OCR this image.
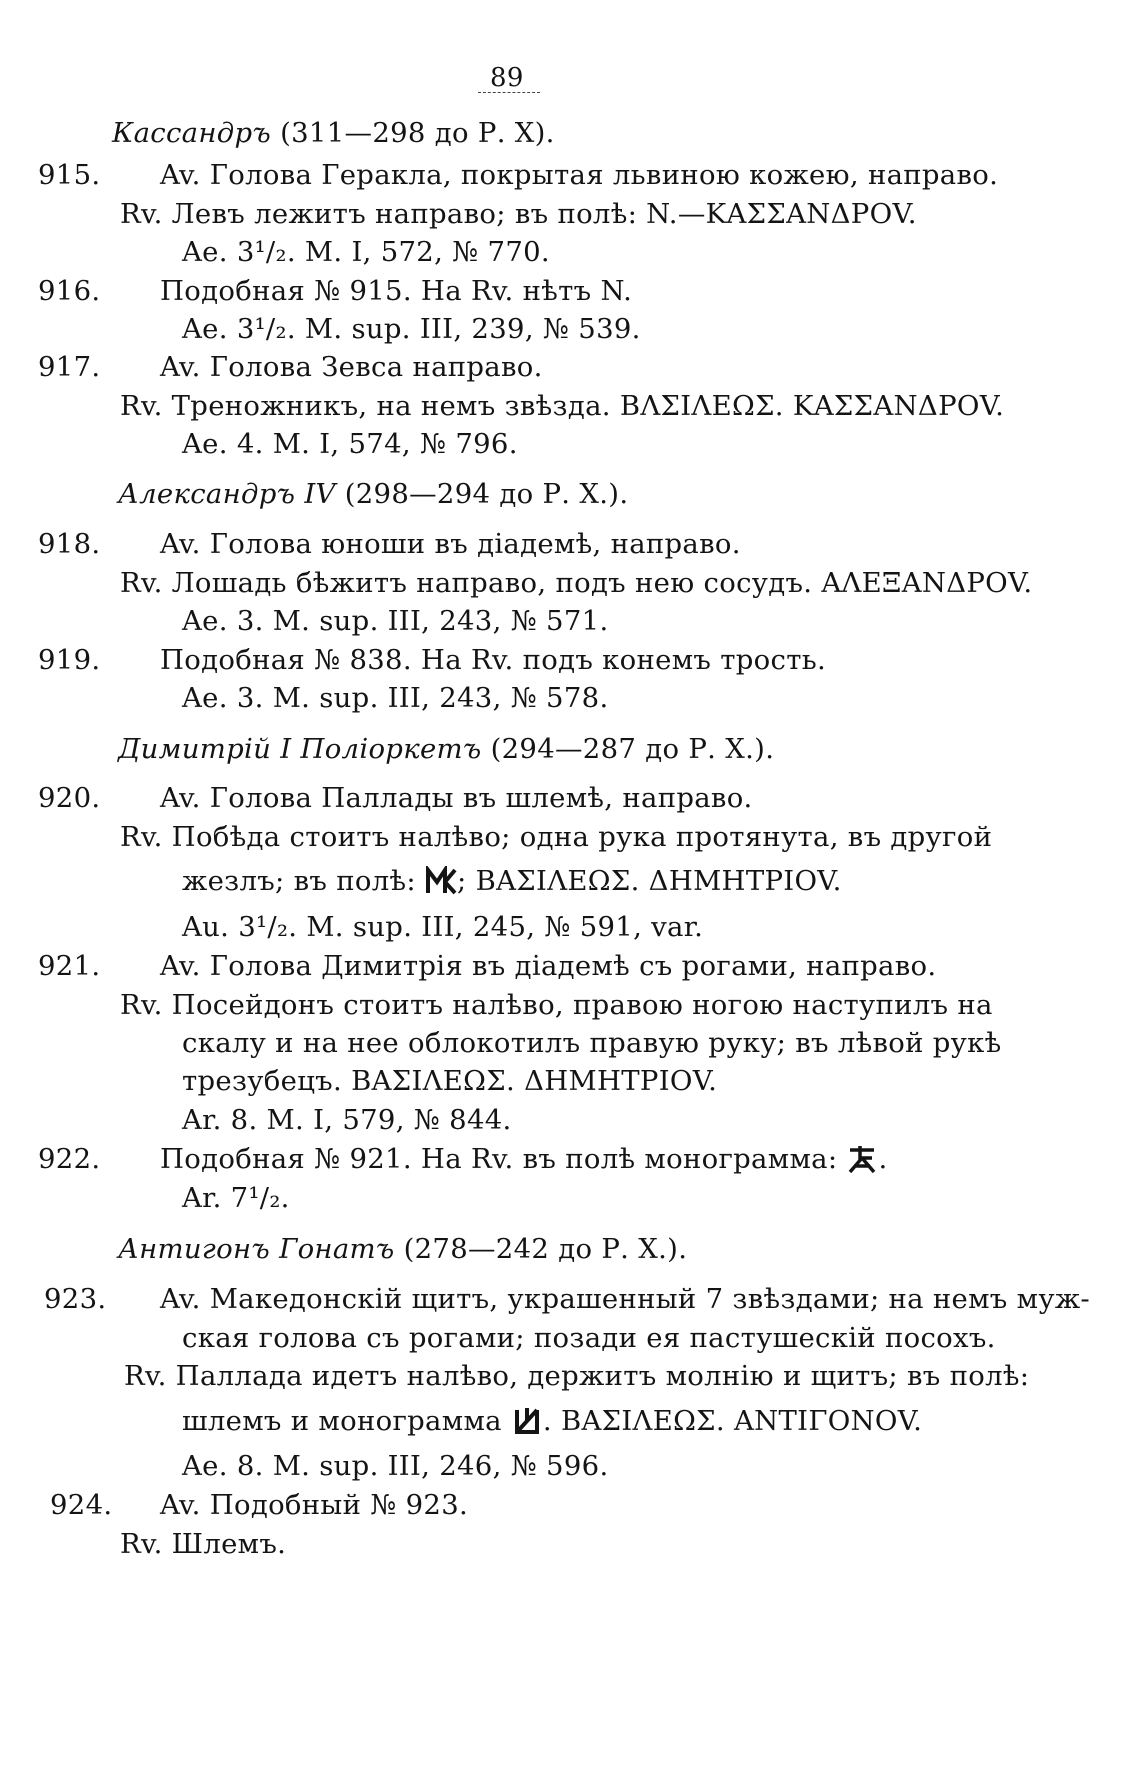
89
Кассандръ (311—298 до Р. Х).
915. Av. Голова Геракла, покрытая львиною кожею, направо.
Rv. Левъ лежитъ направо; въ полѣ: N.—ΚΑΣΣΑΝΔΡΟV.
Ae. 3¹/₂. M. I, 572, № 770.
916. Подобная № 915. На Rv. нѣтъ N.
Ae. 3¹/₂. M. sup. III, 239, № 539.
917. Av. Голова Зевса направо.
Rv. Треножникъ, на немъ звѣзда. ΒΛΣΙΛΕΩΣ. ΚΑΣΣΑΝΔΡΟV.
Ae. 4. M. I, 574, № 796.
Александръ IV (298—294 до Р. Х.).
918. Av. Голова юноши въ діадемѣ, направо.
Rv. Лошадь бѣжитъ направо, подъ нею сосудъ. ΑΛΕΞΑΝΔΡΟV.
Ae. 3. M. sup. III, 243, № 571.
919. Подобная № 838. На Rv. подъ конемъ трость.
Ae. 3. M. sup. III, 243, № 578.
Димитрій I Поліоркетъ (294—287 до Р. Х.).
920. Av. Голова Паллады въ шлемѣ, направо.
Rv. Побѣда стоитъ налѣво; одна рука протянута, въ другой
жезлъ; въ полѣ: ; ΒΑΣΙΛΕΩΣ. ΔΗΜΗΤΡΙΟV.
Au. 3¹/₂. M. sup. III, 245, № 591, var.
921. Av. Голова Димитрія въ діадемѣ съ рогами, направо.
Rv. Посейдонъ стоитъ налѣво, правою ногою наступилъ на
скалу и на нее облокотилъ правую руку; въ лѣвой рукѣ
трезубецъ. ΒΑΣΙΛΕΩΣ. ΔΗΜΗΤΡΙΟV.
Ar. 8. M. I, 579, № 844.
922. Подобная № 921. На Rv. въ полѣ монограмма: .
Ar. 7¹/₂.
Антигонъ Гонатъ (278—242 до Р. Х.).
923. Av. Македонскій щитъ, украшенный 7 звѣздами; на немъ муж-
ская голова съ рогами; позади ея пастушескій посохъ.
Rv. Паллада идетъ налѣво, держитъ молнію и щитъ; въ полѣ:
шлемъ и монограмма . ΒΑΣΙΛΕΩΣ. ΑΝΤΙΓΟΝΟV.
Ae. 8. M. sup. III, 246, № 596.
924. Av. Подобный № 923.
Rv. Шлемъ.
